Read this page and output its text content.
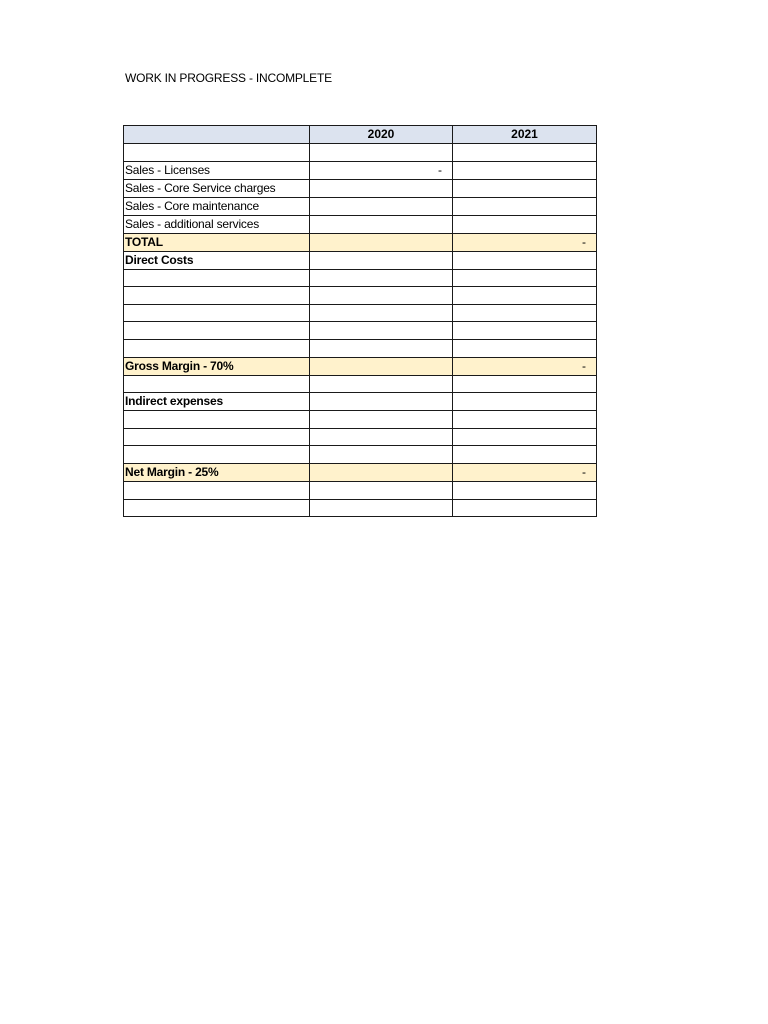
WORK IN PROGRESS - INCOMPLETE
	2020	2021

Sales - Licenses	-	
Sales - Core Service charges		
Sales - Core maintenance		
Sales - additional services		
TOTAL		-
Direct Costs		

Gross Margin - 70%		-

Indirect expenses		

Net Margin - 25%		-
